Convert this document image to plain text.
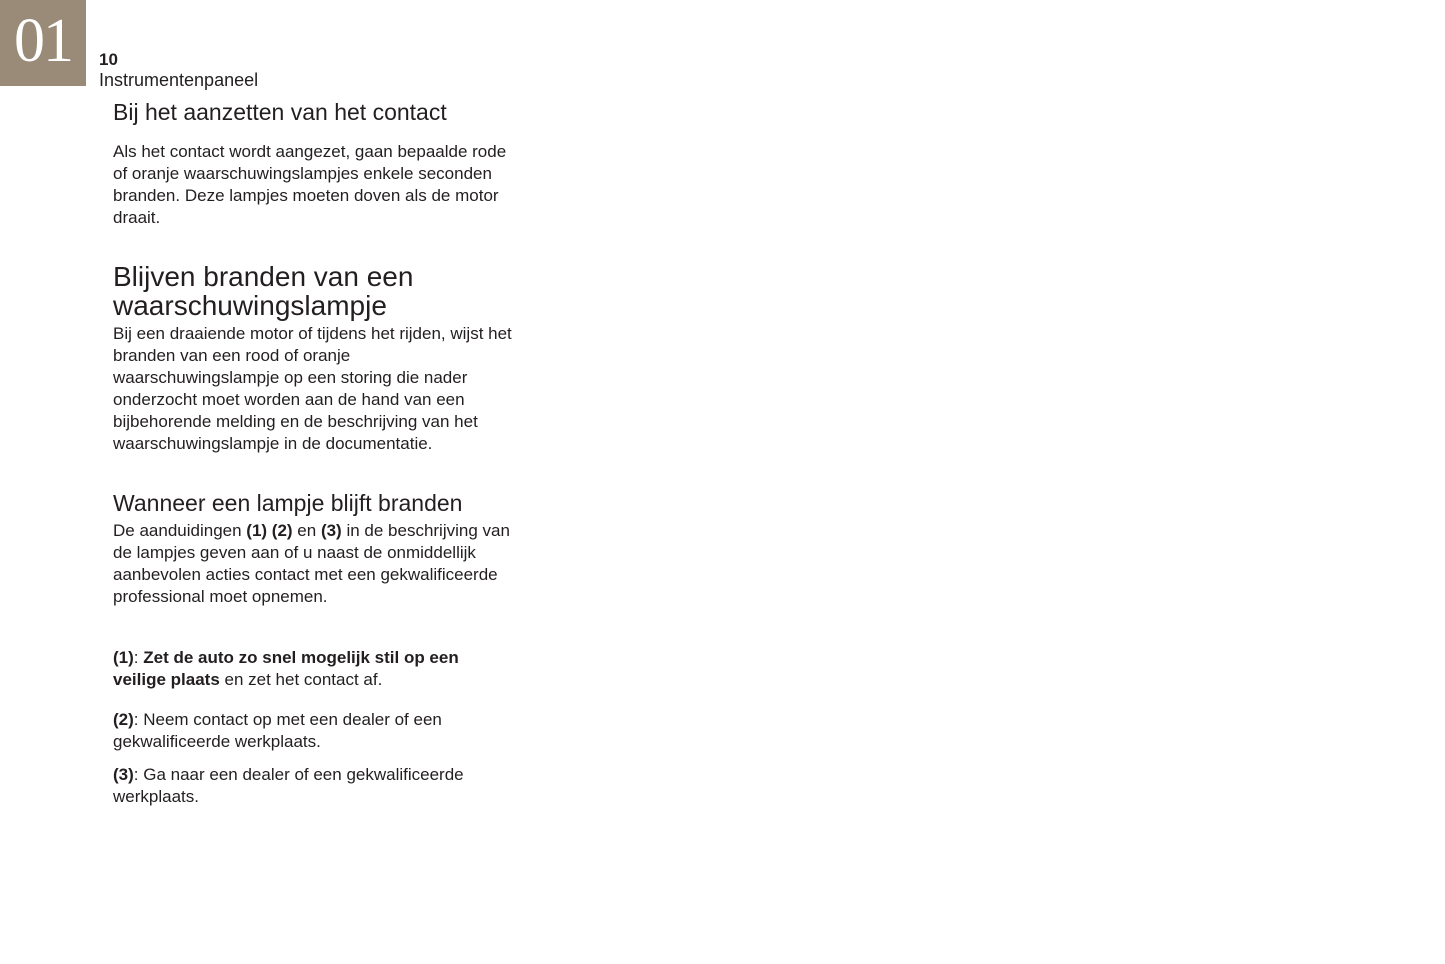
01 10
Instrumentenpaneel
Bij het aanzetten van het contact

Als het contact wordt aangezet, gaan bepaalde rode of oranje waarschuwingslampjes enkele seconden branden. Deze lampjes moeten doven als de motor draait.

Blijven branden van een waarschuwingslampje

Bij een draaiende motor of tijdens het rijden, wijst het branden van een rood of oranje waarschuwingslampje op een storing die nader onderzocht moet worden aan de hand van een bijbehorende melding en de beschrijving van het waarschuwingslampje in de documentatie.

Wanneer een lampje blijft branden

De aanduidingen (1) (2) en (3) in de beschrijving van de lampjes geven aan of u naast de onmiddellijk aanbevolen acties contact met een gekwalificeerde professional moet opnemen.

(1): Zet de auto zo snel mogelijk stil op een veilige plaats en zet het contact af.

(2): Neem contact op met een dealer of een gekwalificeerde werkplaats.

(3): Ga naar een dealer of een gekwalificeerde werkplaats.
